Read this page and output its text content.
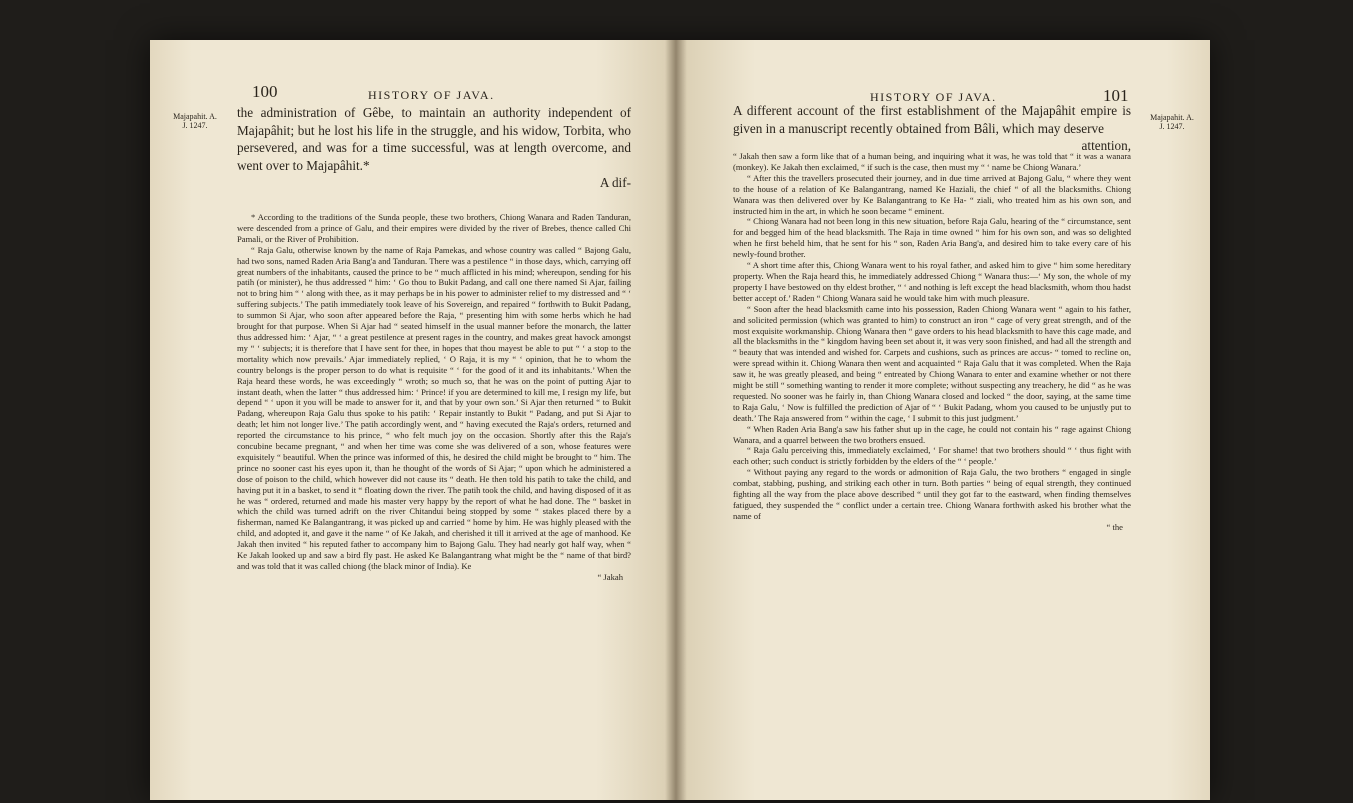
100	HISTORY OF JAVA.
Majapahit. A. J. 1247.
the administration of Gêbe, to maintain an authority independent of Majapâhit; but he lost his life in the struggle, and his widow, Torbita, who persevered, and was for a time successful, was at length overcome, and went over to Majapâhit.*
A dif-

* According to the traditions of the Sunda people, these two brothers, Chiong Wanara and Raden Tanduran, were descended from a prince of Galu, and their empires were divided by the river of Brebes, thence called Chi Pamali, or the River of Prohibition.

“ Raja Galu, otherwise known by the name of Raja Pamekas, and whose country was called “ Bajong Galu, had two sons, named Raden Aria Bang'a and Tanduran. There was a pestilence “ in those days, which, carrying off great numbers of the inhabitants, caused the prince to be “ much afflicted in his mind; whereupon, sending for his patih (or minister), he thus addressed “ him: ‘ Go thou to Bukit Padang, and call one there named Si Ajar, failing not to bring him “ ‘ along with thee, as it may perhaps be in his power to administer relief to my distressed and “ ‘ suffering subjects.’ The patih immediately took leave of his Sovereign, and repaired “ forthwith to Bukit Padang, to summon Si Ajar, who soon after appeared before the Raja, “ presenting him with some herbs which he had brought for that purpose. When Si Ajar had “ seated himself in the usual manner before the monarch, the latter thus addressed him: ‘ Ajar, “ ‘ a great pestilence at present rages in the country, and makes great havock amongst my “ ‘ subjects; it is therefore that I have sent for thee, in hopes that thou mayest be able to put “ ‘ a stop to the mortality which now prevails.’ Ajar immediately replied, ‘ O Raja, it is my “ ‘ opinion, that he to whom the country belongs is the proper person to do what is requisite “ ‘ for the good of it and its inhabitants.’ When the Raja heard these words, he was exceedingly “ wroth; so much so, that he was on the point of putting Ajar to instant death, when the latter “ thus addressed him: ‘ Prince! if you are determined to kill me, I resign my life, but depend “ ‘ upon it you will be made to answer for it, and that by your own son.’ Si Ajar then returned “ to Bukit Padang, whereupon Raja Galu thus spoke to his patih: ‘ Repair instantly to Bukit “ Padang, and put Si Ajar to death; let him not longer live.’ The patih accordingly went, and “ having executed the Raja's orders, returned and reported the circumstance to his prince, “ who felt much joy on the occasion. Shortly after this the Raja's concubine became pregnant, “ and when her time was come she was delivered of a son, whose features were exquisitely “ beautiful. When the prince was informed of this, he desired the child might be brought to “ him. The prince no sooner cast his eyes upon it, than he thought of the words of Si Ajar; “ upon which he administered a dose of poison to the child, which however did not cause its “ death. He then told his patih to take the child, and having put it in a basket, to send it “ floating down the river. The patih took the child, and having disposed of it as he was “ ordered, returned and made his master very happy by the report of what he had done. The “ basket in which the child was turned adrift on the river Chitandui being stopped by some “ stakes placed there by a fisherman, named Ke Balangantrang, it was picked up and carried “ home by him. He was highly pleased with the child, and adopted it, and gave it the name “ of Ke Jakah, and cherished it till it arrived at the age of manhood. Ke Jakah then invited “ his reputed father to accompany him to Bajong Galu. They had nearly got half way, when “ Ke Jakah looked up and saw a bird fly past. He asked Ke Balangantrang what might be the “ name of that bird? and was told that it was called chiong (the black minor of India). Ke

“ Jakah
HISTORY OF JAVA.	101
Majapahit. A. J. 1247.
A different account of the first establishment of the Majapâhit empire is given in a manuscript recently obtained from Bâli, which may deserve
attention,

“ Jakah then saw a form like that of a human being, and inquiring what it was, he was told that “ it was a wanara (monkey). Ke Jakah then exclaimed, “ if such is the case, then must my “ ‘ name be Chiong Wanara.’

“ After this the travellers prosecuted their journey, and in due time arrived at Bajong Galu, “ where they went to the house of a relation of Ke Balangantrang, named Ke Haziali, the chief “ of all the blacksmiths. Chiong Wanara was then delivered over by Ke Balangantrang to Ke Ha- “ ziali, who treated him as his own son, and instructed him in the art, in which he soon became “ eminent.

“ Chiong Wanara had not been long in this new situation, before Raja Galu, hearing of the “ circumstance, sent for and begged him of the head blacksmith. The Raja in time owned “ him for his own son, and was so delighted when he first beheld him, that he sent for his “ son, Raden Aria Bang'a, and desired him to take every care of his newly-found brother.

“ A short time after this, Chiong Wanara went to his royal father, and asked him to give “ him some hereditary property. When the Raja heard this, he immediately addressed Chiong “ Wanara thus:—‘ My son, the whole of my property I have bestowed on thy eldest brother, “ ‘ and nothing is left except the head blacksmith, whom thou hadst better accept of.’ Raden “ Chiong Wanara said he would take him with much pleasure.

“ Soon after the head blacksmith came into his possession, Raden Chiong Wanara went “ again to his father, and solicited permission (which was granted to him) to construct an iron “ cage of very great strength, and of the most exquisite workmanship. Chiong Wanara then “ gave orders to his head blacksmith to have this cage made, and all the blacksmiths in the “ kingdom having been set about it, it was very soon finished, and had all the strength and “ beauty that was intended and wished for. Carpets and cushions, such as princes are accus- “ tomed to recline on, were spread within it. Chiong Wanara then went and acquainted “ Raja Galu that it was completed. When the Raja saw it, he was greatly pleased, and being “ entreated by Chiong Wanara to enter and examine whether or not there might be still “ something wanting to render it more complete; without suspecting any treachery, he did “ as he was requested. No sooner was he fairly in, than Chiong Wanara closed and locked “ the door, saying, at the same time to Raja Galu, ‘ Now is fulfilled the prediction of Ajar of “ ‘ Bukit Padang, whom you caused to be unjustly put to death.’ The Raja answered from “ within the cage, ‘ I submit to this just judgment.’

“ When Raden Aria Bang'a saw his father shut up in the cage, he could not contain his “ rage against Chiong Wanara, and a quarrel between the two brothers ensued.

“ Raja Galu perceiving this, immediately exclaimed, ‘ For shame! that two brothers should “ ‘ thus fight with each other; such conduct is strictly forbidden by the elders of the “ ‘ people.’

“ Without paying any regard to the words or admonition of Raja Galu, the two brothers “ engaged in single combat, stabbing, pushing, and striking each other in turn. Both parties “ being of equal strength, they continued fighting all the way from the place above described “ until they got far to the eastward, when finding themselves fatigued, they suspended the “ conflict under a certain tree. Chiong Wanara forthwith asked his brother what the name of

“ the
